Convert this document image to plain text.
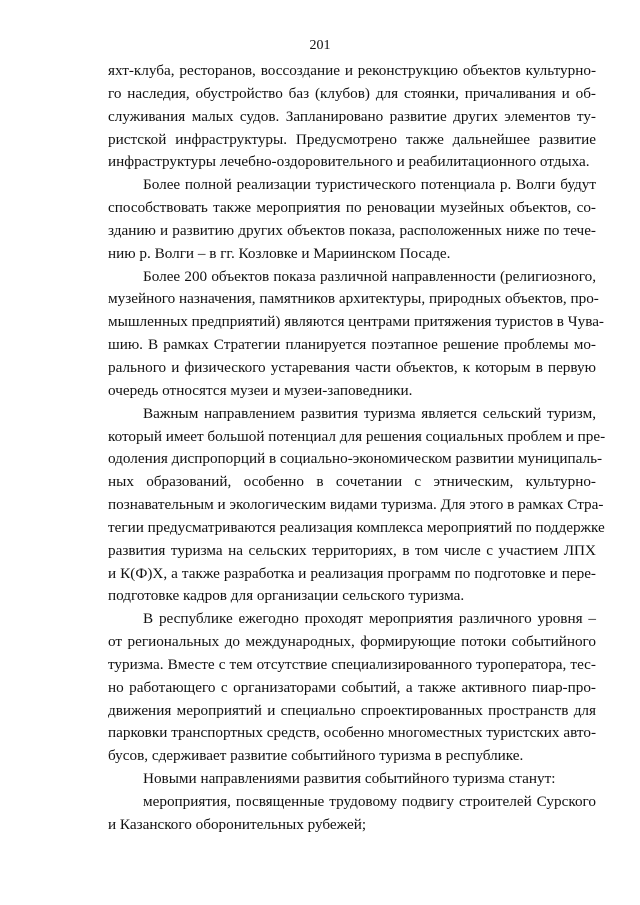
201
яхт-клуба, ресторанов, воссоздание и реконструкцию объектов культурно-
го наследия, обустройство баз (клубов) для стоянки, причаливания и об-
служивания малых судов. Запланировано развитие других элементов ту-
ристской инфраструктуры. Предусмотрено также дальнейшее развитие
инфраструктуры лечебно-оздоровительного и реабилитационного отдыха.
Более полной реализации туристического потенциала р. Волги будут
способствовать также мероприятия по реновации музейных объектов, со-
зданию и развитию других объектов показа, расположенных ниже по тече-
нию р. Волги – в гг. Козловке и Мариинском Посаде.
Более 200 объектов показа различной направленности (религиозного,
музейного назначения, памятников архитектуры, природных объектов, про-
мышленных предприятий) являются центрами притяжения туристов в Чува-
шию. В рамках Стратегии планируется поэтапное решение проблемы мо-
рального и физического устаревания части объектов, к которым в первую
очередь относятся музеи и музеи-заповедники.
Важным направлением развития туризма является сельский туризм,
который имеет большой потенциал для решения социальных проблем и пре-
одоления диспропорций в социально-экономическом развитии муниципаль-
ных образований, особенно в сочетании с этническим, культурно-
познавательным и экологическим видами туризма. Для этого в рамках Стра-
тегии предусматриваются реализация комплекса мероприятий по поддержке
развития туризма на сельских территориях, в том числе с участием ЛПХ
и К(Ф)Х, а также разработка и реализация программ по подготовке и пере-
подготовке кадров для организации сельского туризма.
В республике ежегодно проходят мероприятия различного уровня –
от региональных до международных, формирующие потоки событийного
туризма. Вместе с тем отсутствие специализированного туроператора, тес-
но работающего с организаторами событий, а также активного пиар-про-
движения мероприятий и специально спроектированных пространств для
парковки транспортных средств, особенно многоместных туристских авто-
бусов, сдерживает развитие событийного туризма в республике.
Новыми направлениями развития событийного туризма станут:
мероприятия, посвященные трудовому подвигу строителей Сурского
и Казанского оборонительных рубежей;
